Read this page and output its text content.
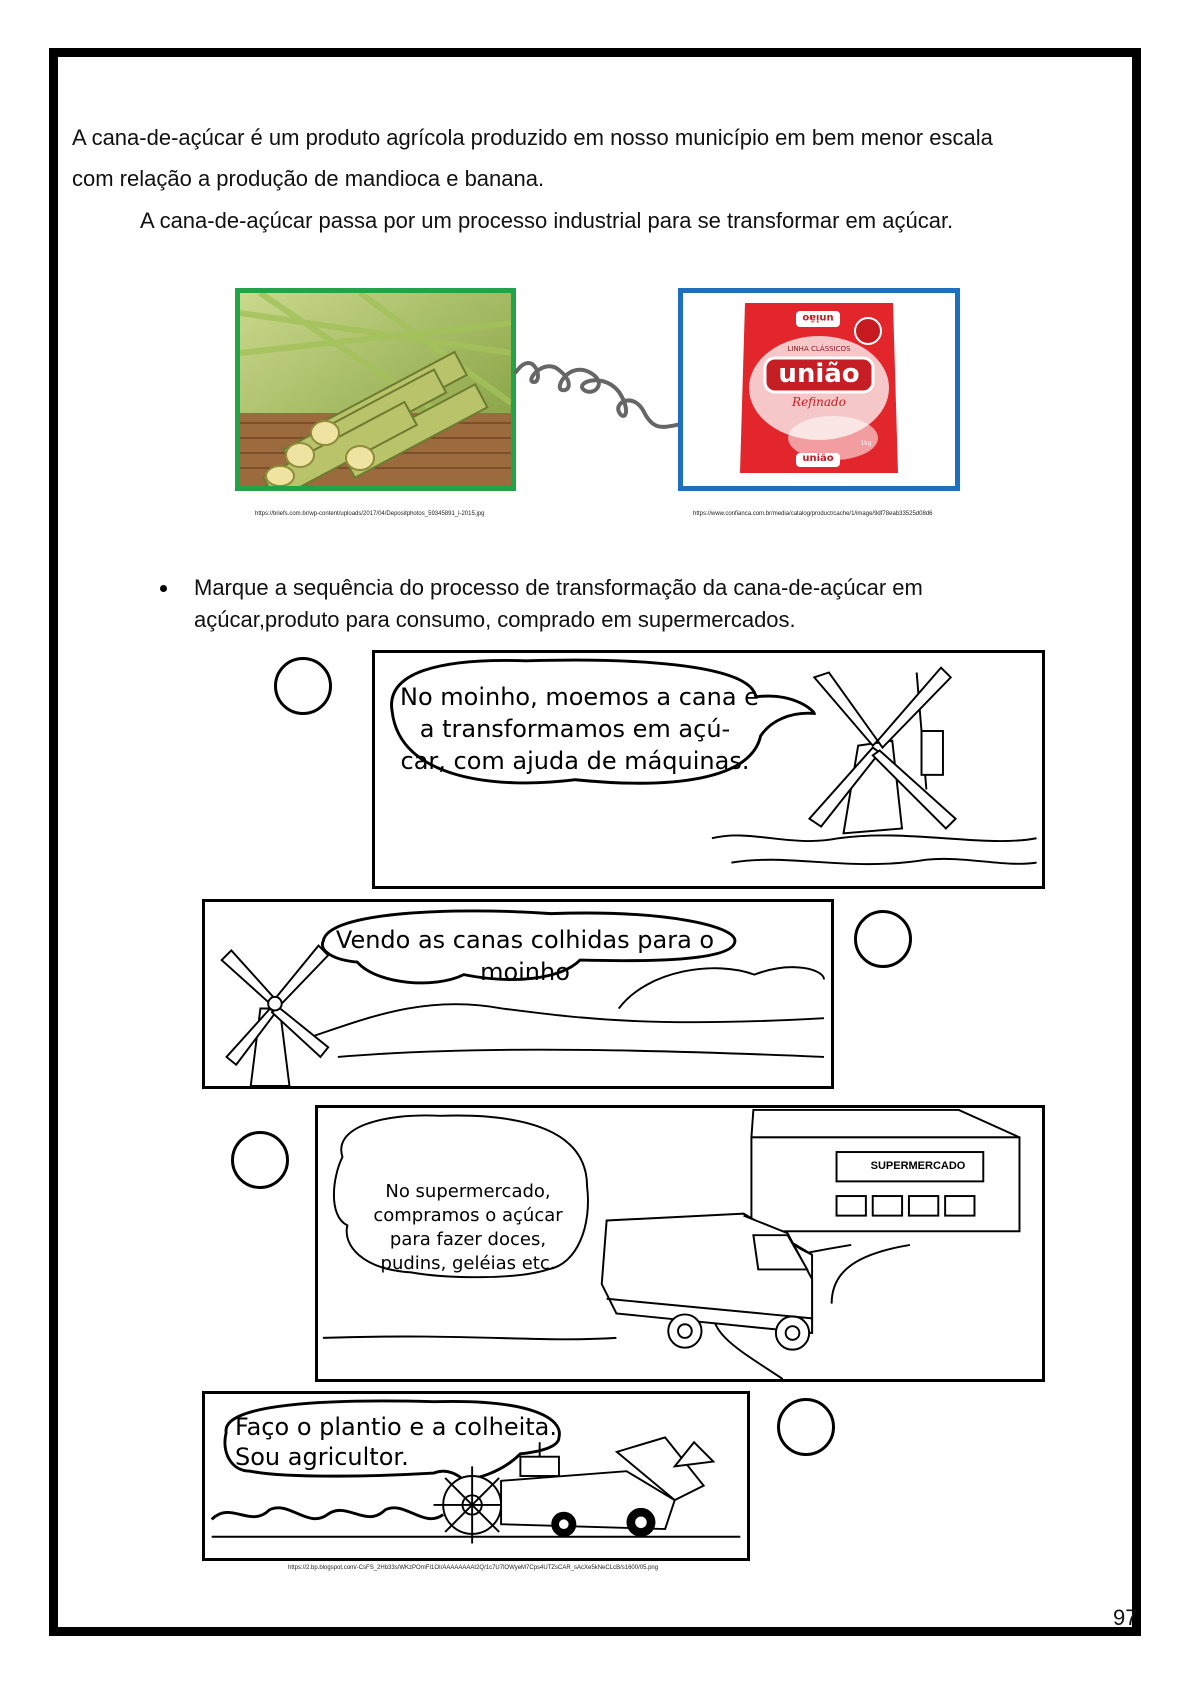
A cana-de-açúcar é um produto agrícola produzido em nosso município em bem menor escala

com relação a produção de mandioca e banana.

A cana-de-açúcar passa por um processo industrial para se transformar em açúcar.

https://briefs.com.br/wp-content/uploads/2017/04/Depositphotos_59345891_l-2015.jpg
união
LINHA CLÁSSICOS
união
Refinado
união
1kg
https://www.confianca.com.br/media/catalog/product/cache/1/image/9df78eab33525d08d6

Marque a sequência do processo de transformação da cana-de-açúcar em

açúcar,produto para consumo, comprado em supermercados.

No moinho, moemos a cana e
a transformamos em açú-
car, com ajuda de máquinas.
Vendo as canas colhidas para o
moinho
SUPERMERCADO
No supermercado,
compramos o açúcar
para fazer doces,
pudins, geléias etc.
Faço o plantio e a colheita.
Sou agricultor.
https://2.bp.blogspot.com/-CsFS_2Hb33s/WKzPOmFI1OI/AAAAAAAAt2Q/1c7U7lOWyeM7Cps4UTZsCAR_sAcXe5kNeCLcB/s1600/05.png
97
